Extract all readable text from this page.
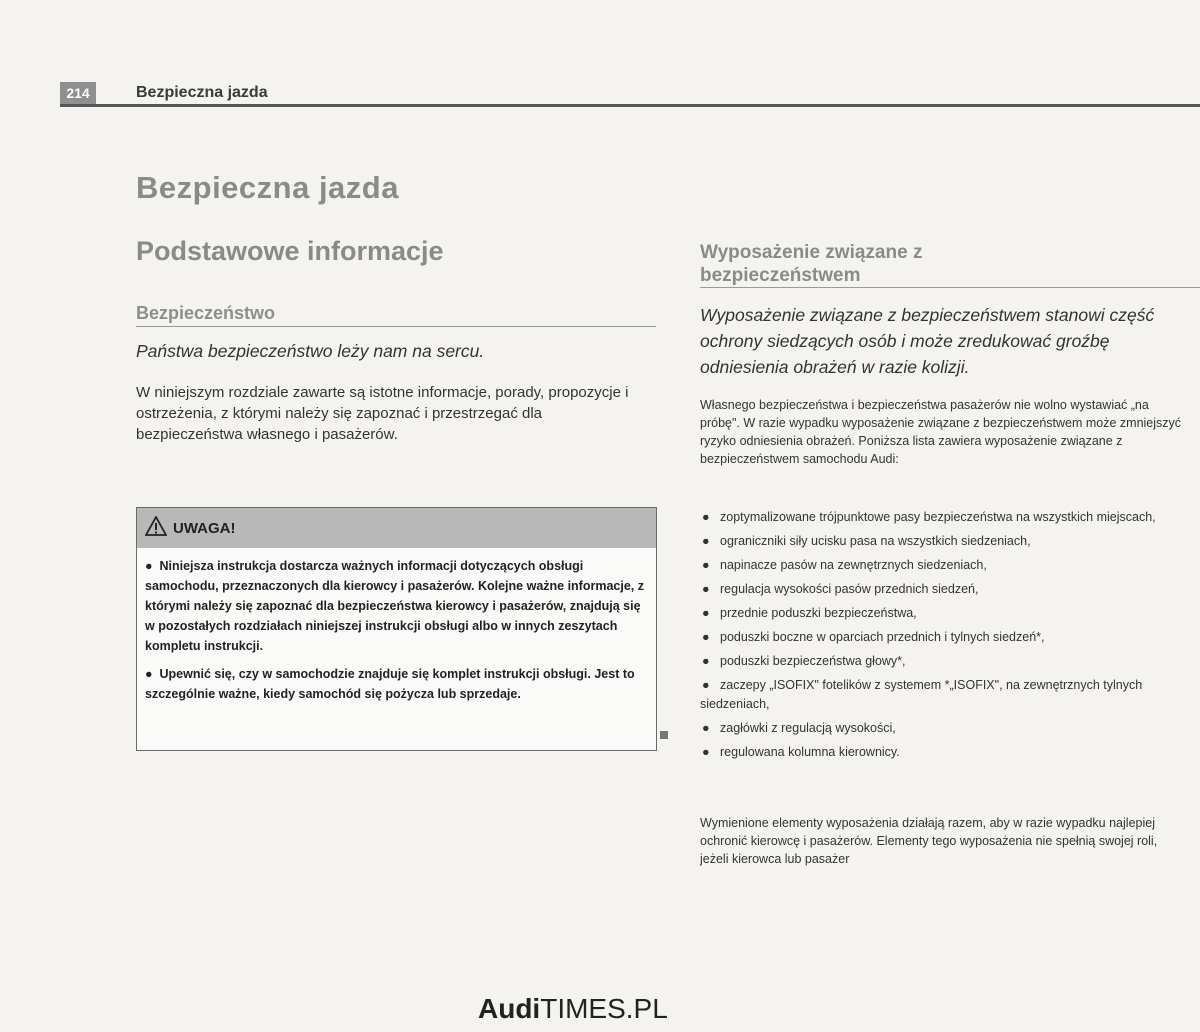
214	Bezpieczna jazda
Bezpieczna jazda
Podstawowe informacje
Bezpieczeństwo

Państwa bezpieczeństwo leży nam na sercu.

W niniejszym rozdziale zawarte są istotne informacje, porady, propozycje i ostrzeżenia, z którymi należy się zapoznać i przestrzegać dla bezpieczeństwa własnego i pasażerów.

UWAGA!

●  Niniejsza instrukcja dostarcza ważnych informacji dotyczących obsługi samochodu, przeznaczonych dla kierowcy i pasażerów. Kolejne ważne informacje, z którymi należy się zapoznać dla bezpieczeństwa kierowcy i pasażerów, znajdują się w pozostałych rozdziałach niniejszej instrukcji obsługi albo w innych zeszytach kompletu instrukcji.

●  Upewnić się, czy w samochodzie znajduje się komplet instrukcji obsługi. Jest to szczególnie ważne, kiedy samochód się pożycza lub sprzedaje.

Wyposażenie związane z bezpieczeństwem

Wyposażenie związane z bezpieczeństwem stanowi część ochrony siedzących osób i może zredukować groźbę odniesienia obrażeń w razie kolizji.

Własnego bezpieczeństwa i bezpieczeństwa pasażerów nie wolno wystawiać „na próbę". W razie wypadku wyposażenie związane z bezpieczeństwem może zmniejszyć ryzyko odniesienia obrażeń. Poniższa lista zawiera wyposażenie związane z bezpieczeństwem samochodu Audi:

● zoptymalizowane trójpunktowe pasy bezpieczeństwa na wszystkich miejscach,
● ograniczniki siły ucisku pasa na wszystkich siedzeniach,
● napinacze pasów na zewnętrznych siedzeniach,
● regulacja wysokości pasów przednich siedzeń,
● przednie poduszki bezpieczeństwa,
● poduszki boczne w oparciach przednich i tylnych siedzeń*,
● poduszki bezpieczeństwa głowy*,
● zaczepy „ISOFIX" fotelików z systemem *„ISOFIX", na zewnętrznych tylnych siedzeniach,
● zagłówki z regulacją wysokości,
● regulowana kolumna kierownicy.

Wymienione elementy wyposażenia działają razem, aby w razie wypadku najlepiej ochronić kierowcę i pasażerów. Elementy tego wyposażenia nie spełnią swojej roli, jeżeli kierowca lub pasażer

AudiTIMES.PL
